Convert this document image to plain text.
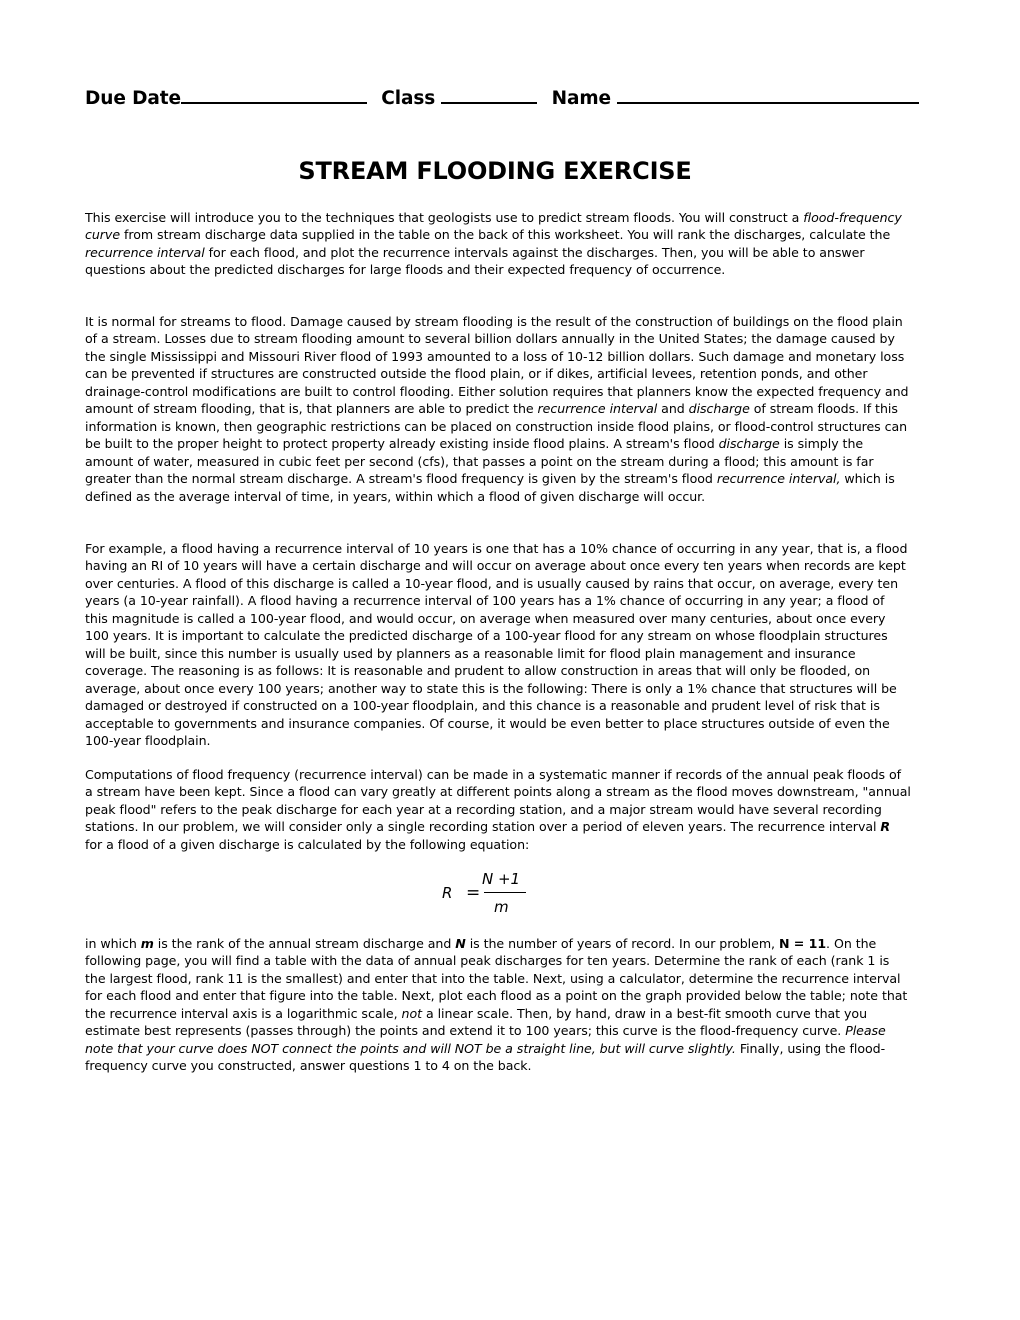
Due Date	Class	Name
STREAM FLOODING EXERCISE

This exercise will introduce you to the techniques that geologists use to predict stream floods. You will construct a flood-frequency curve from stream discharge data supplied in the table on the back of this worksheet. You will rank the discharges, calculate the recurrence interval for each flood, and plot the recurrence intervals against the discharges. Then, you will be able to answer questions about the predicted discharges for large floods and their expected frequency of occurrence.

It is normal for streams to flood. Damage caused by stream flooding is the result of the construction of buildings on the flood plain of a stream. Losses due to stream flooding amount to several billion dollars annually in the United States; the damage caused by the single Mississippi and Missouri River flood of 1993 amounted to a loss of 10-12 billion dollars. Such damage and monetary loss can be prevented if structures are constructed outside the flood plain, or if dikes, artificial levees, retention ponds, and other drainage-control modifications are built to control flooding. Either solution requires that planners know the expected frequency and amount of stream flooding, that is, that planners are able to predict the recurrence interval and discharge of stream floods. If this information is known, then geographic restrictions can be placed on construction inside flood plains, or flood-control structures can be built to the proper height to protect property already existing inside flood plains. A stream's flood discharge is simply the amount of water, measured in cubic feet per second (cfs), that passes a point on the stream during a flood; this amount is far greater than the normal stream discharge. A stream's flood frequency is given by the stream's flood recurrence interval, which is defined as the average interval of time, in years, within which a flood of given discharge will occur.

For example, a flood having a recurrence interval of 10 years is one that has a 10% chance of occurring in any year, that is, a flood having an RI of 10 years will have a certain discharge and will occur on average about once every ten years when records are kept over centuries. A flood of this discharge is called a 10-year flood, and is usually caused by rains that occur, on average, every ten years (a 10-year rainfall). A flood having a recurrence interval of 100 years has a 1% chance of occurring in any year; a flood of this magnitude is called a 100-year flood, and would occur, on average when measured over many centuries, about once every 100 years. It is important to calculate the predicted discharge of a 100-year flood for any stream on whose floodplain structures will be built, since this number is usually used by planners as a reasonable limit for flood plain management and insurance coverage. The reasoning is as follows: It is reasonable and prudent to allow construction in areas that will only be flooded, on average, about once every 100 years; another way to state this is the following: There is only a 1% chance that structures will be damaged or destroyed if constructed on a 100-year floodplain, and this chance is a reasonable and prudent level of risk that is acceptable to governments and insurance companies. Of course, it would be even better to place structures outside of even the 100-year floodplain.

Computations of flood frequency (recurrence interval) can be made in a systematic manner if records of the annual peak floods of a stream have been kept. Since a flood can vary greatly at different points along a stream as the flood moves downstream, "annual peak flood" refers to the peak discharge for each year at a recording station, and a major stream would have several recording stations. In our problem, we will consider only a single recording station over a period of eleven years. The recurrence interval R for a flood of a given discharge is calculated by the following equation:

R =
N +1
m

in which m is the rank of the annual stream discharge and N is the number of years of record. In our problem, N = 11. On the following page, you will find a table with the data of annual peak discharges for ten years. Determine the rank of each (rank 1 is the largest flood, rank 11 is the smallest) and enter that into the table. Next, using a calculator, determine the recurrence interval for each flood and enter that figure into the table. Next, plot each flood as a point on the graph provided below the table; note that the recurrence interval axis is a logarithmic scale, not a linear scale. Then, by hand, draw in a best-fit smooth curve that you estimate best represents (passes through) the points and extend it to 100 years; this curve is the flood-frequency curve. Please note that your curve does NOT connect the points and will NOT be a straight line, but will curve slightly. Finally, using the flood-frequency curve you constructed, answer questions 1 to 4 on the back.
